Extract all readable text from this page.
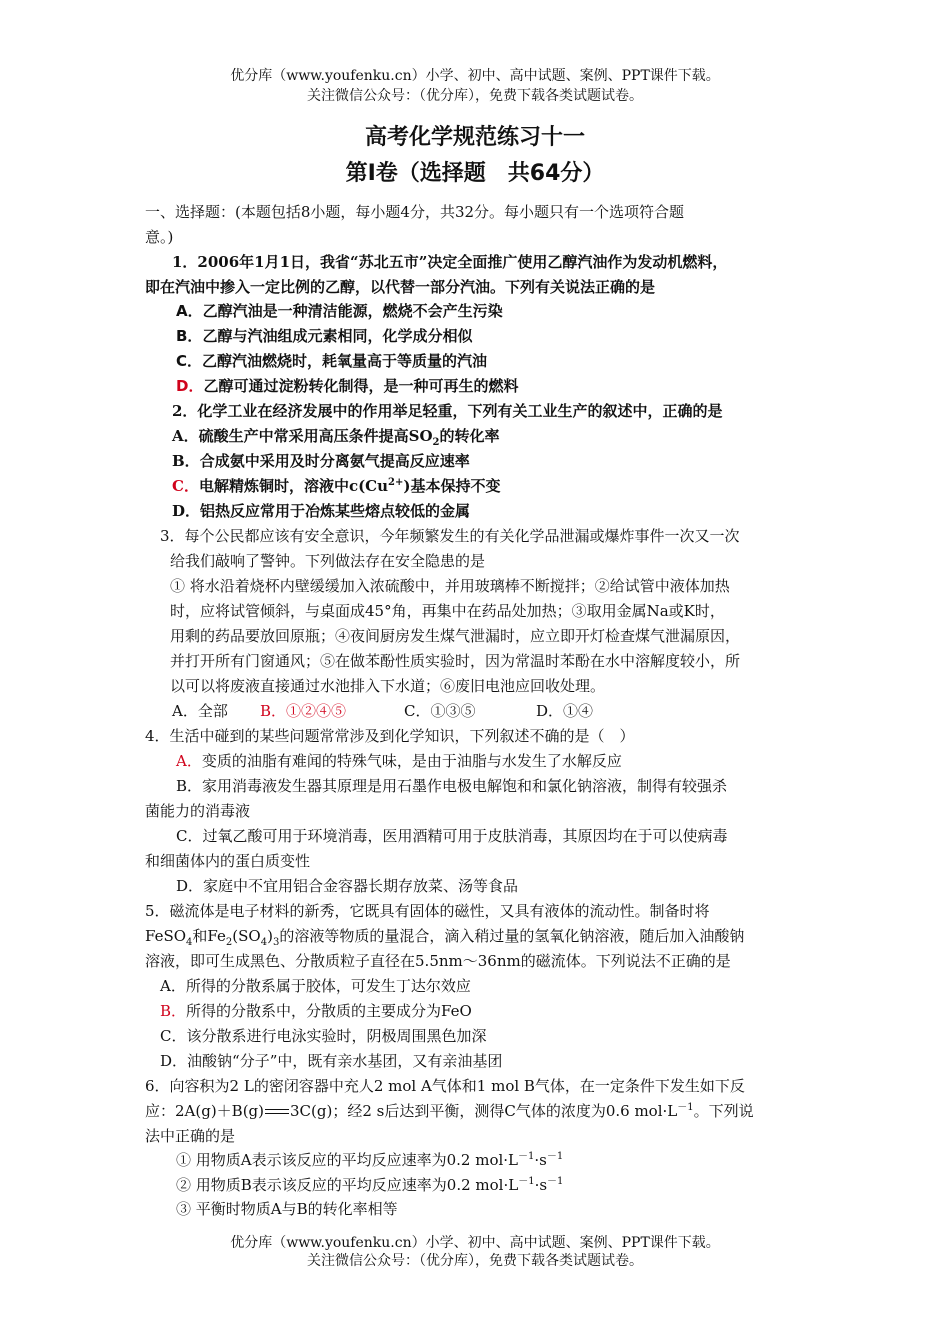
优分库（www.youfenku.cn）小学、初中、高中试题、案例、PPT课件下载。
关注微信公众号：（优分库），免费下载各类试题试卷。
高考化学规范练习十一
第Ⅰ卷（选择题　共64分）
一、选择题：(本题包括8小题，每小题4分，共32分。每小题只有一个选项符合题
意。)
1．2006年1月1日，我省“苏北五市”决定全面推广使用乙醇汽油作为发动机燃料，
即在汽油中掺入一定比例的乙醇，以代替一部分汽油。下列有关说法正确的是
A．乙醇汽油是一种清洁能源，燃烧不会产生污染
B．乙醇与汽油组成元素相同，化学成分相似
C．乙醇汽油燃烧时，耗氧量高于等质量的汽油
D．乙醇可通过淀粉转化制得，是一种可再生的燃料
2．化学工业在经济发展中的作用举足轻重，下列有关工业生产的叙述中，正确的是
A．硫酸生产中常采用高压条件提高$SO_2$的转化率
B．合成氨中采用及时分离氨气提高反应速率
C．电解精炼铜时，溶液中$c(Cu^{2+})$基本保持不变
D．铝热反应常用于冶炼某些熔点较低的金属
3．每个公民都应该有安全意识，今年频繁发生的有关化学品泄漏或爆炸事件一次又一次
给我们敲响了警钟。下列做法存在安全隐患的是
① 将水沿着烧杯内壁缓缓加入浓硫酸中，并用玻璃棒不断搅拌；②给试管中液体加热
时，应将试管倾斜，与桌面成45°角，再集中在药品处加热；③取用金属Na或K时，
用剩的药品要放回原瓶；④夜间厨房发生煤气泄漏时，应立即开灯检查煤气泄漏原因，
并打开所有门窗通风；⑤在做苯酚性质实验时，因为常温时苯酚在水中溶解度较小，所
以可以将废液直接通过水池排入下水道；⑥废旧电池应回收处理。
A．全部 B．①②④⑤	C．①③⑤	D．①④
4．生活中碰到的某些问题常常涉及到化学知识，下列叙述不确的是（　）
A．变质的油脂有难闻的特殊气味，是由于油脂与水发生了水解反应
B．家用消毒液发生器其原理是用石墨作电极电解饱和和氯化钠溶液，制得有较强杀
菌能力的消毒液
C．过氧乙酸可用于环境消毒，医用酒精可用于皮肤消毒，其原因均在于可以使病毒
和细菌体内的蛋白质变性
D．家庭中不宜用铝合金容器长期存放菜、汤等食品
5．磁流体是电子材料的新秀，它既具有固体的磁性，又具有液体的流动性。制备时将
FeSO$_4$和$Fe_2(SO_4)_3$的溶液等物质的量混合，滴入稍过量的氢氧化钠溶液，随后加入油酸钠
溶液，即可生成黑色、分散质粒子直径在5.5nm～36nm的磁流体。下列说法不正确的是
A．所得的分散系属于胶体，可发生丁达尔效应
B．所得的分散系中，分散质的主要成分为FeO
C．该分散系进行电泳实验时，阴极周围黑色加深
D．油酸钠“分子”中，既有亲水基团，又有亲油基团
6．向容积为2 L的密闭容器中充人2 mol A气体和1 mol B气体，在一定条件下发生如下反
应：2A(g)＋B(g) 3C(g)；经2 s后达到平衡，测得C气体的浓度为0.6 $mol\cdot L^{-1}$。下列说
法中正确的是
① 用物质A表示该反应的平均反应速率为0.2 $mol\cdot L^{-1}\cdot s^{-1}$
② 用物质B表示该反应的平均反应速率为0.2 $mol\cdot L^{-1}\cdot s^{-1}$
③ 平衡时物质A与B的转化率相等
优分库（www.youfenku.cn）小学、初中、高中试题、案例、PPT课件下载。
关注微信公众号：（优分库），免费下载各类试题试卷。
